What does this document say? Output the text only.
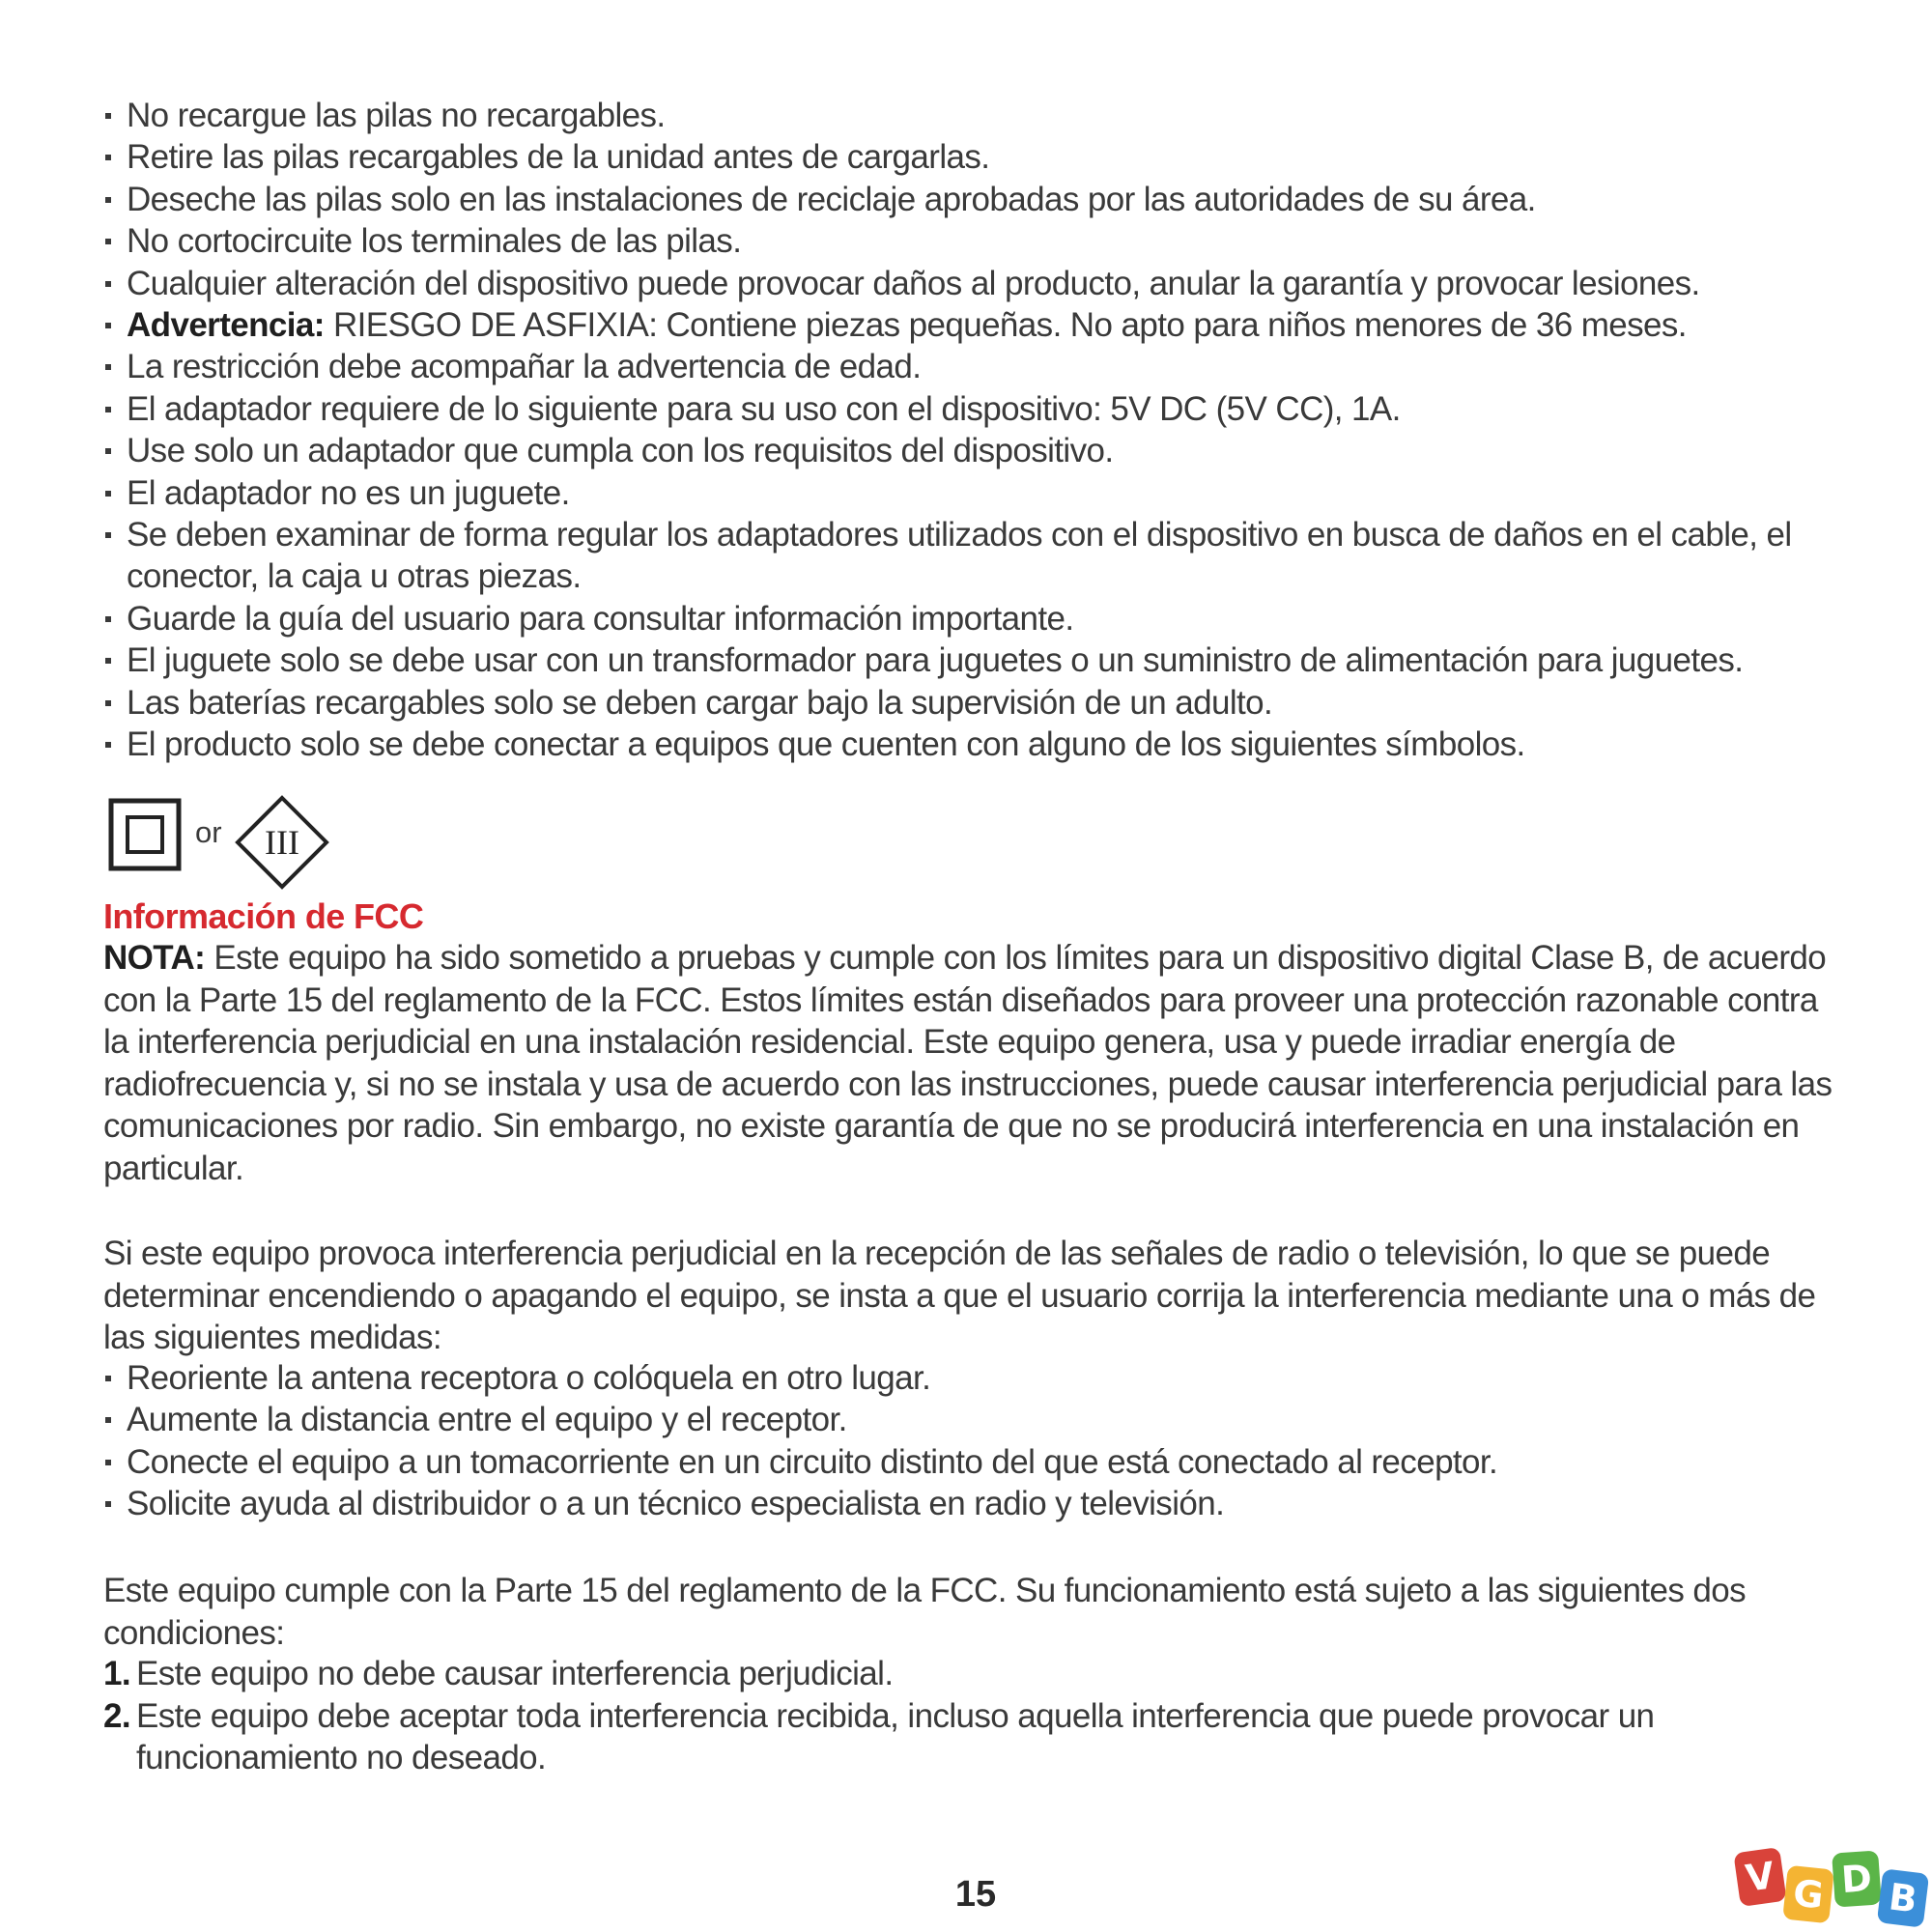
No recargue las pilas no recargables.
Retire las pilas recargables de la unidad antes de cargarlas.
Deseche las pilas solo en las instalaciones de reciclaje aprobadas por las autoridades de su área.
No cortocircuite los terminales de las pilas.
Cualquier alteración del dispositivo puede provocar daños al producto, anular la garantía y provocar lesiones.
Advertencia: RIESGO DE ASFIXIA: Contiene piezas pequeñas. No apto para niños menores de 36 meses.
La restricción debe acompañar la advertencia de edad.
El adaptador requiere de lo siguiente para su uso con el dispositivo: 5V DC (5V CC), 1A.
Use solo un adaptador que cumpla con los requisitos del dispositivo.
El adaptador no es un juguete.
Se deben examinar de forma regular los adaptadores utilizados con el dispositivo en busca de daños en el cable, el conector, la caja u otras piezas.
Guarde la guía del usuario para consultar información importante.
El juguete solo se debe usar con un transformador para juguetes o un suministro de alimentación para juguetes.
Las baterías recargables solo se deben cargar bajo la supervisión de un adulto.
El producto solo se debe conectar a equipos que cuenten con alguno de los siguientes símbolos.
or III
Información de FCC
NOTA: Este equipo ha sido sometido a pruebas y cumple con los límites para un dispositivo digital Clase B, de acuerdo con la Parte 15 del reglamento de la FCC. Estos límites están diseñados para proveer una protección razonable contra la interferencia perjudicial en una instalación residencial. Este equipo genera, usa y puede irradiar energía de radiofrecuencia y, si no se instala y usa de acuerdo con las instrucciones, puede causar interferencia perjudicial para las comunicaciones por radio. Sin embargo, no existe garantía de que no se producirá interferencia en una instalación en particular.
Si este equipo provoca interferencia perjudicial en la recepción de las señales de radio o televisión, lo que se puede determinar encendiendo o apagando el equipo, se insta a que el usuario corrija la interferencia mediante una o más de las siguientes medidas:
Reoriente la antena receptora o colóquela en otro lugar.
Aumente la distancia entre el equipo y el receptor.
Conecte el equipo a un tomacorriente en un circuito distinto del que está conectado al receptor.
Solicite ayuda al distribuidor o a un técnico especialista en radio y televisión.
Este equipo cumple con la Parte 15 del reglamento de la FCC. Su funcionamiento está sujeto a las siguientes dos condiciones:
1. Este equipo no debe causar interferencia perjudicial.
2. Este equipo debe aceptar toda interferencia recibida, incluso aquella interferencia que puede provocar un funcionamiento no deseado.
15	V G D B
